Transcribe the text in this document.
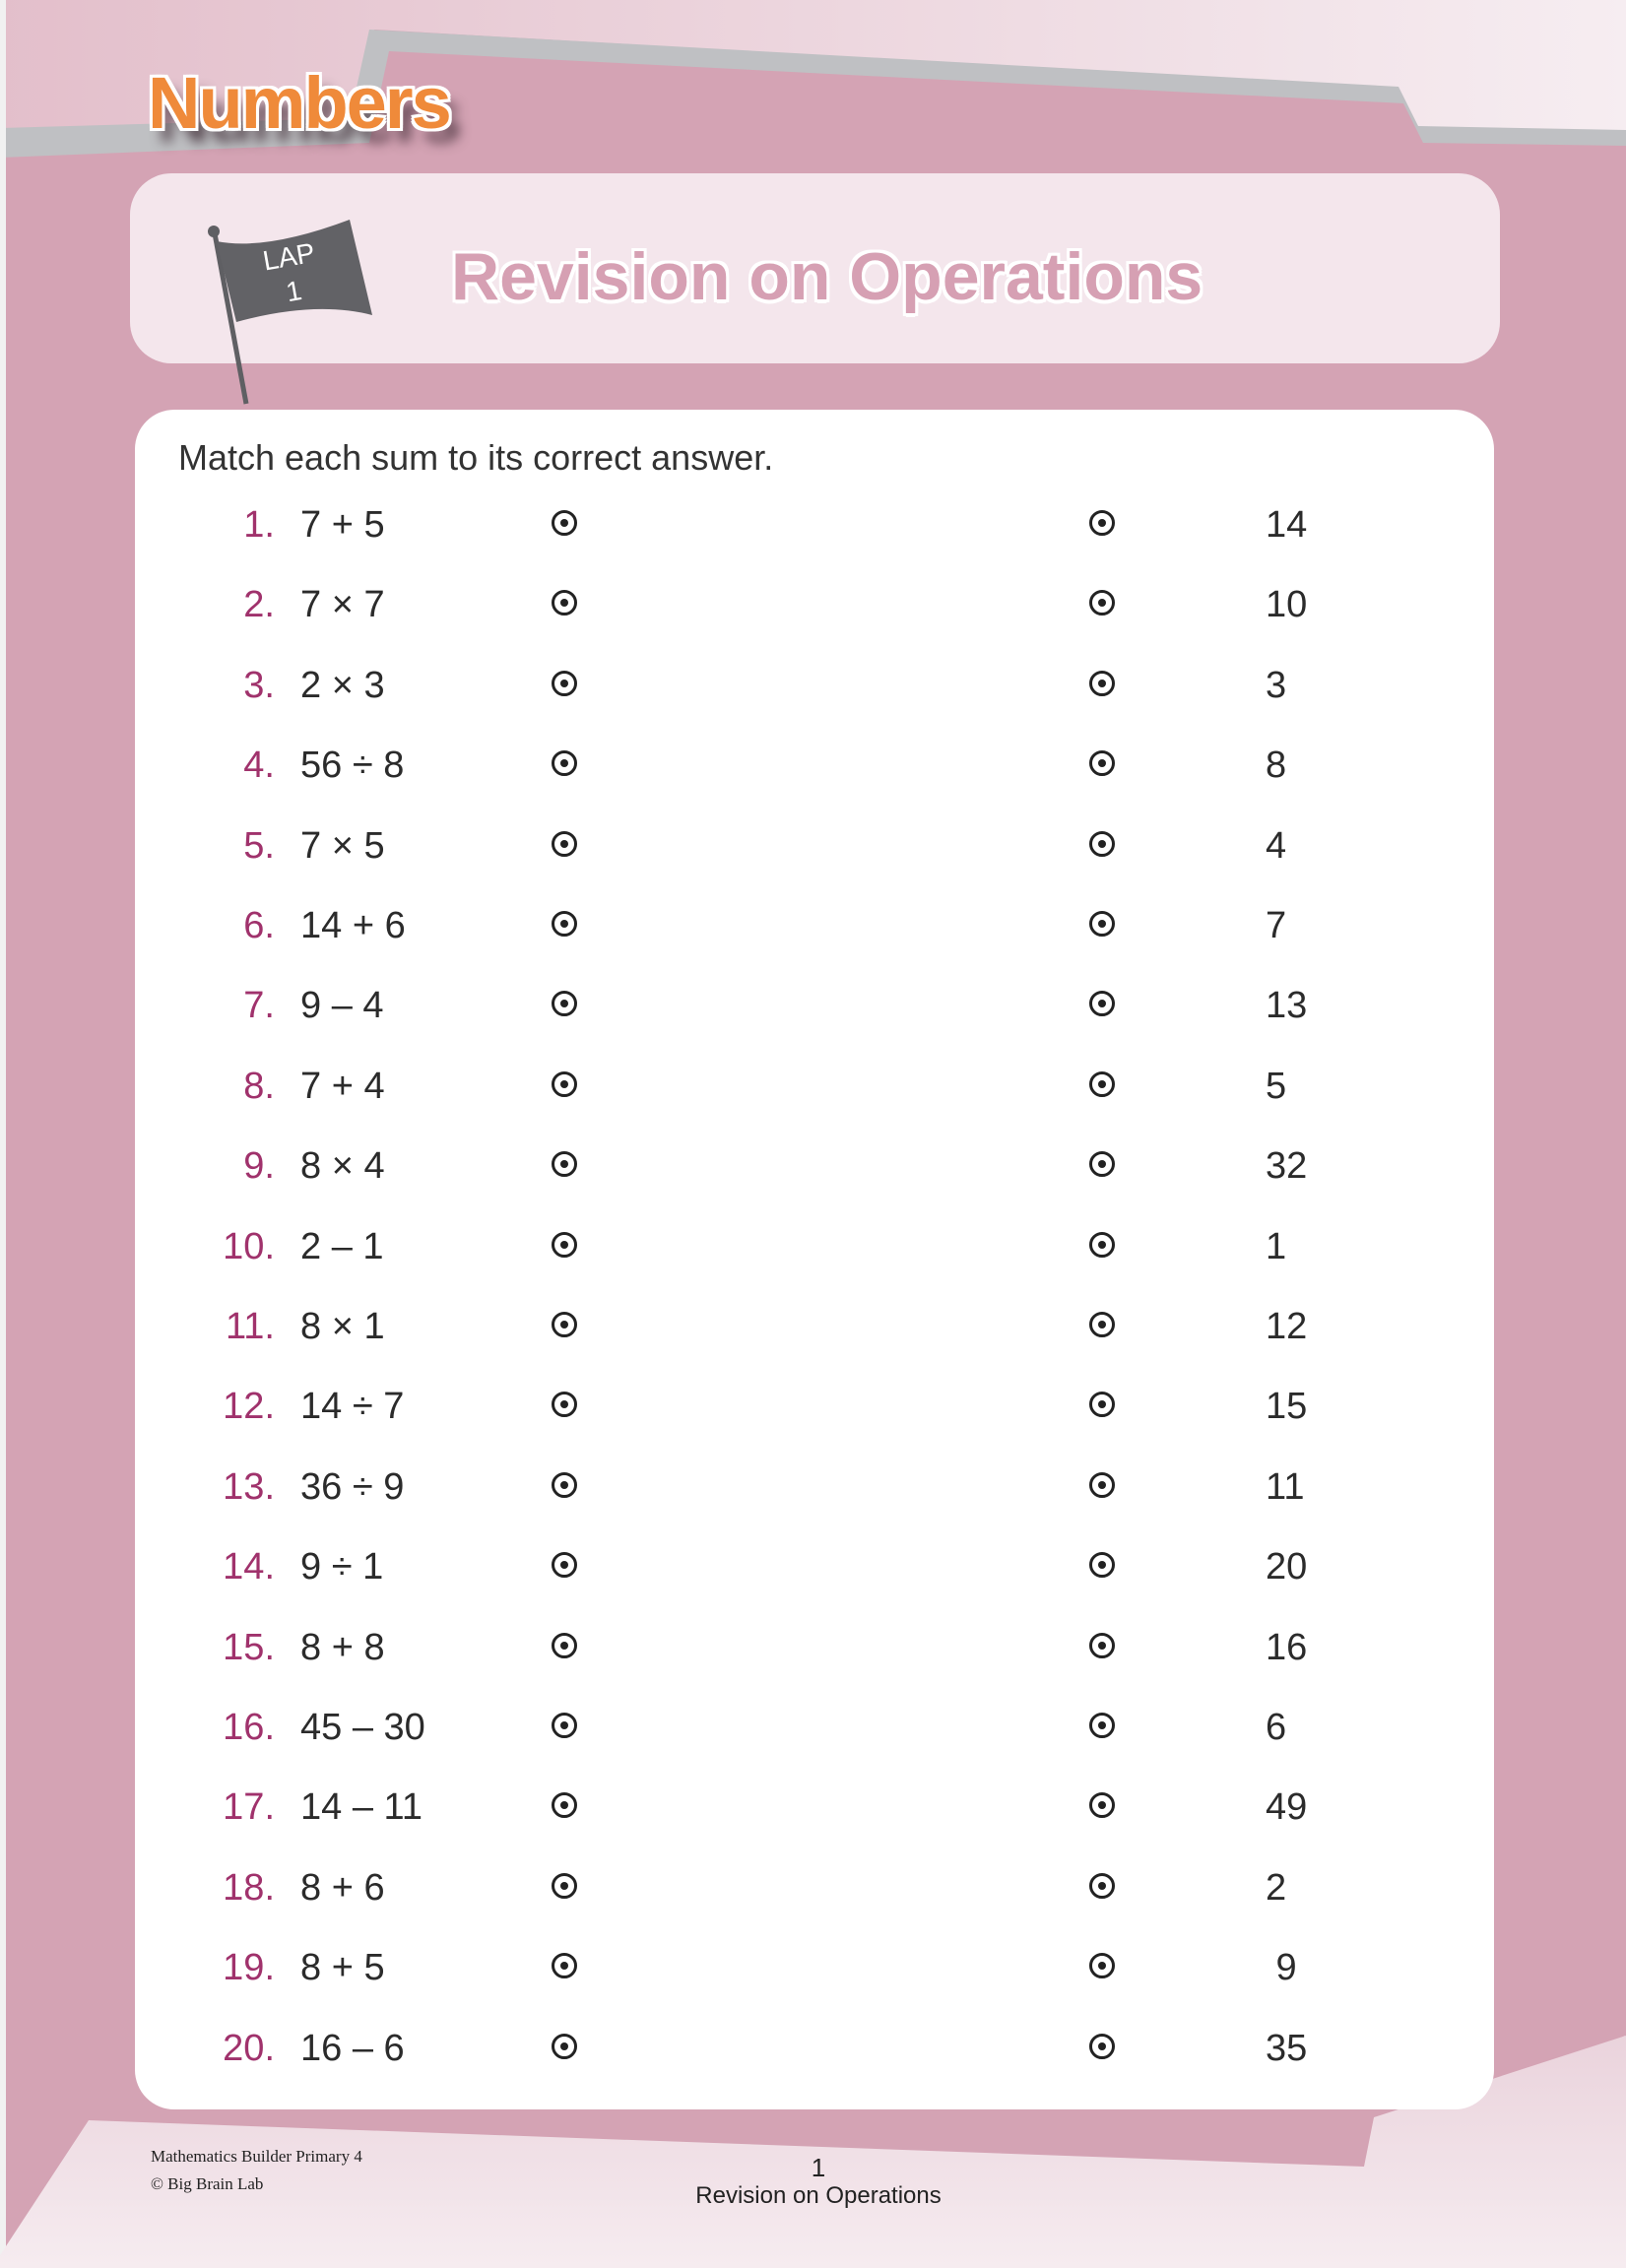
Numbers
LAP
1 Revision on Operations
Match each sum to its correct answer.
1. 7 + 5	14
2. 7 × 7	10
3. 2 × 3	3
4. 56 ÷ 8	8
5. 7 × 5	4
6. 14 + 6	7
7. 9 – 4	13
8. 7 + 4	5
9. 8 × 4	32
10. 2 – 1	1
11. 8 × 1	12
12. 14 ÷ 7	15
13. 36 ÷ 9	11
14. 9 ÷ 1	20
15. 8 + 8	16
16. 45 – 30	6
17. 14 – 11	49
18. 8 + 6	2
19. 8 + 5	9
20. 16 – 6	35
Mathematics Builder Primary 4
© Big Brain Lab
1
Revision on Operations
